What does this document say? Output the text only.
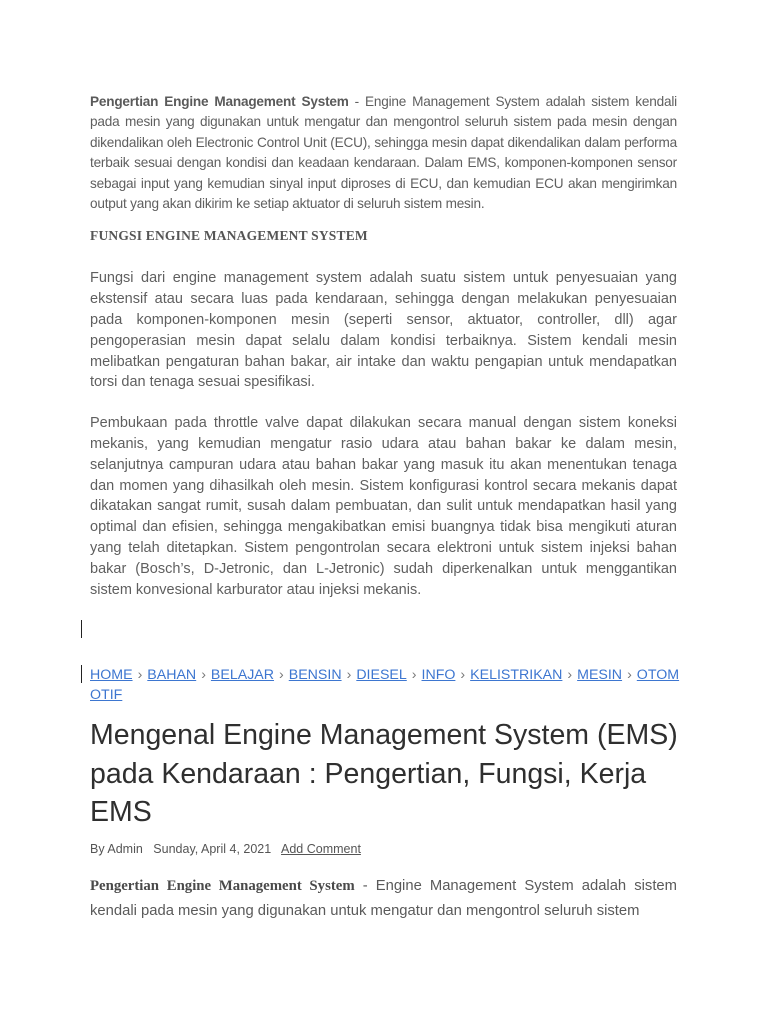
Pengertian Engine Management System - Engine Management System adalah sistem kendali pada mesin yang digunakan untuk mengatur dan mengontrol seluruh sistem pada mesin dengan dikendalikan oleh Electronic Control Unit (ECU), sehingga mesin dapat dikendalikan dalam performa terbaik sesuai dengan kondisi dan keadaan kendaraan. Dalam EMS, komponen-komponen sensor sebagai input yang kemudian sinyal input diproses di ECU, dan kemudian ECU akan mengirimkan output yang akan dikirim ke setiap aktuator di seluruh sistem mesin.

FUNGSI ENGINE MANAGEMENT SYSTEM

Fungsi dari engine management system adalah suatu sistem untuk penyesuaian yang ekstensif atau secara luas pada kendaraan, sehingga dengan melakukan penyesuaian pada komponen-komponen mesin (seperti sensor, aktuator, controller, dll) agar pengoperasian mesin dapat selalu dalam kondisi terbaiknya. Sistem kendali mesin melibatkan pengaturan bahan bakar, air intake dan waktu pengapian untuk mendapatkan torsi dan tenaga sesuai spesifikasi.

Pembukaan pada throttle valve dapat dilakukan secara manual dengan sistem koneksi mekanis, yang kemudian mengatur rasio udara atau bahan bakar ke dalam mesin, selanjutnya campuran udara atau bahan bakar yang masuk itu akan menentukan tenaga dan momen yang dihasilkah oleh mesin. Sistem konfigurasi kontrol secara mekanis dapat dikatakan sangat rumit, susah dalam pembuatan, dan sulit untuk mendapatkan hasil yang optimal dan efisien, sehingga mengakibatkan emisi buangnya tidak bisa mengikuti aturan yang telah ditetapkan. Sistem pengontrolan secara elektroni untuk sistem injeksi bahan bakar (Bosch’s, D-Jetronic, dan L-Jetronic) sudah diperkenalkan untuk menggantikan sistem konvesional karburator atau injeksi mekanis.

HOME › BAHAN › BELAJAR › BENSIN › DIESEL › INFO › KELISTRIKAN › MESIN › OTOMOTIF
Mengenal Engine Management System (EMS) pada Kendaraan : Pengertian, Fungsi, Kerja EMS
By Admin Sunday, April 4, 2021 Add Comment

Pengertian Engine Management System - Engine Management System adalah sistem kendali pada mesin yang digunakan untuk mengatur dan mengontrol seluruh sistem
